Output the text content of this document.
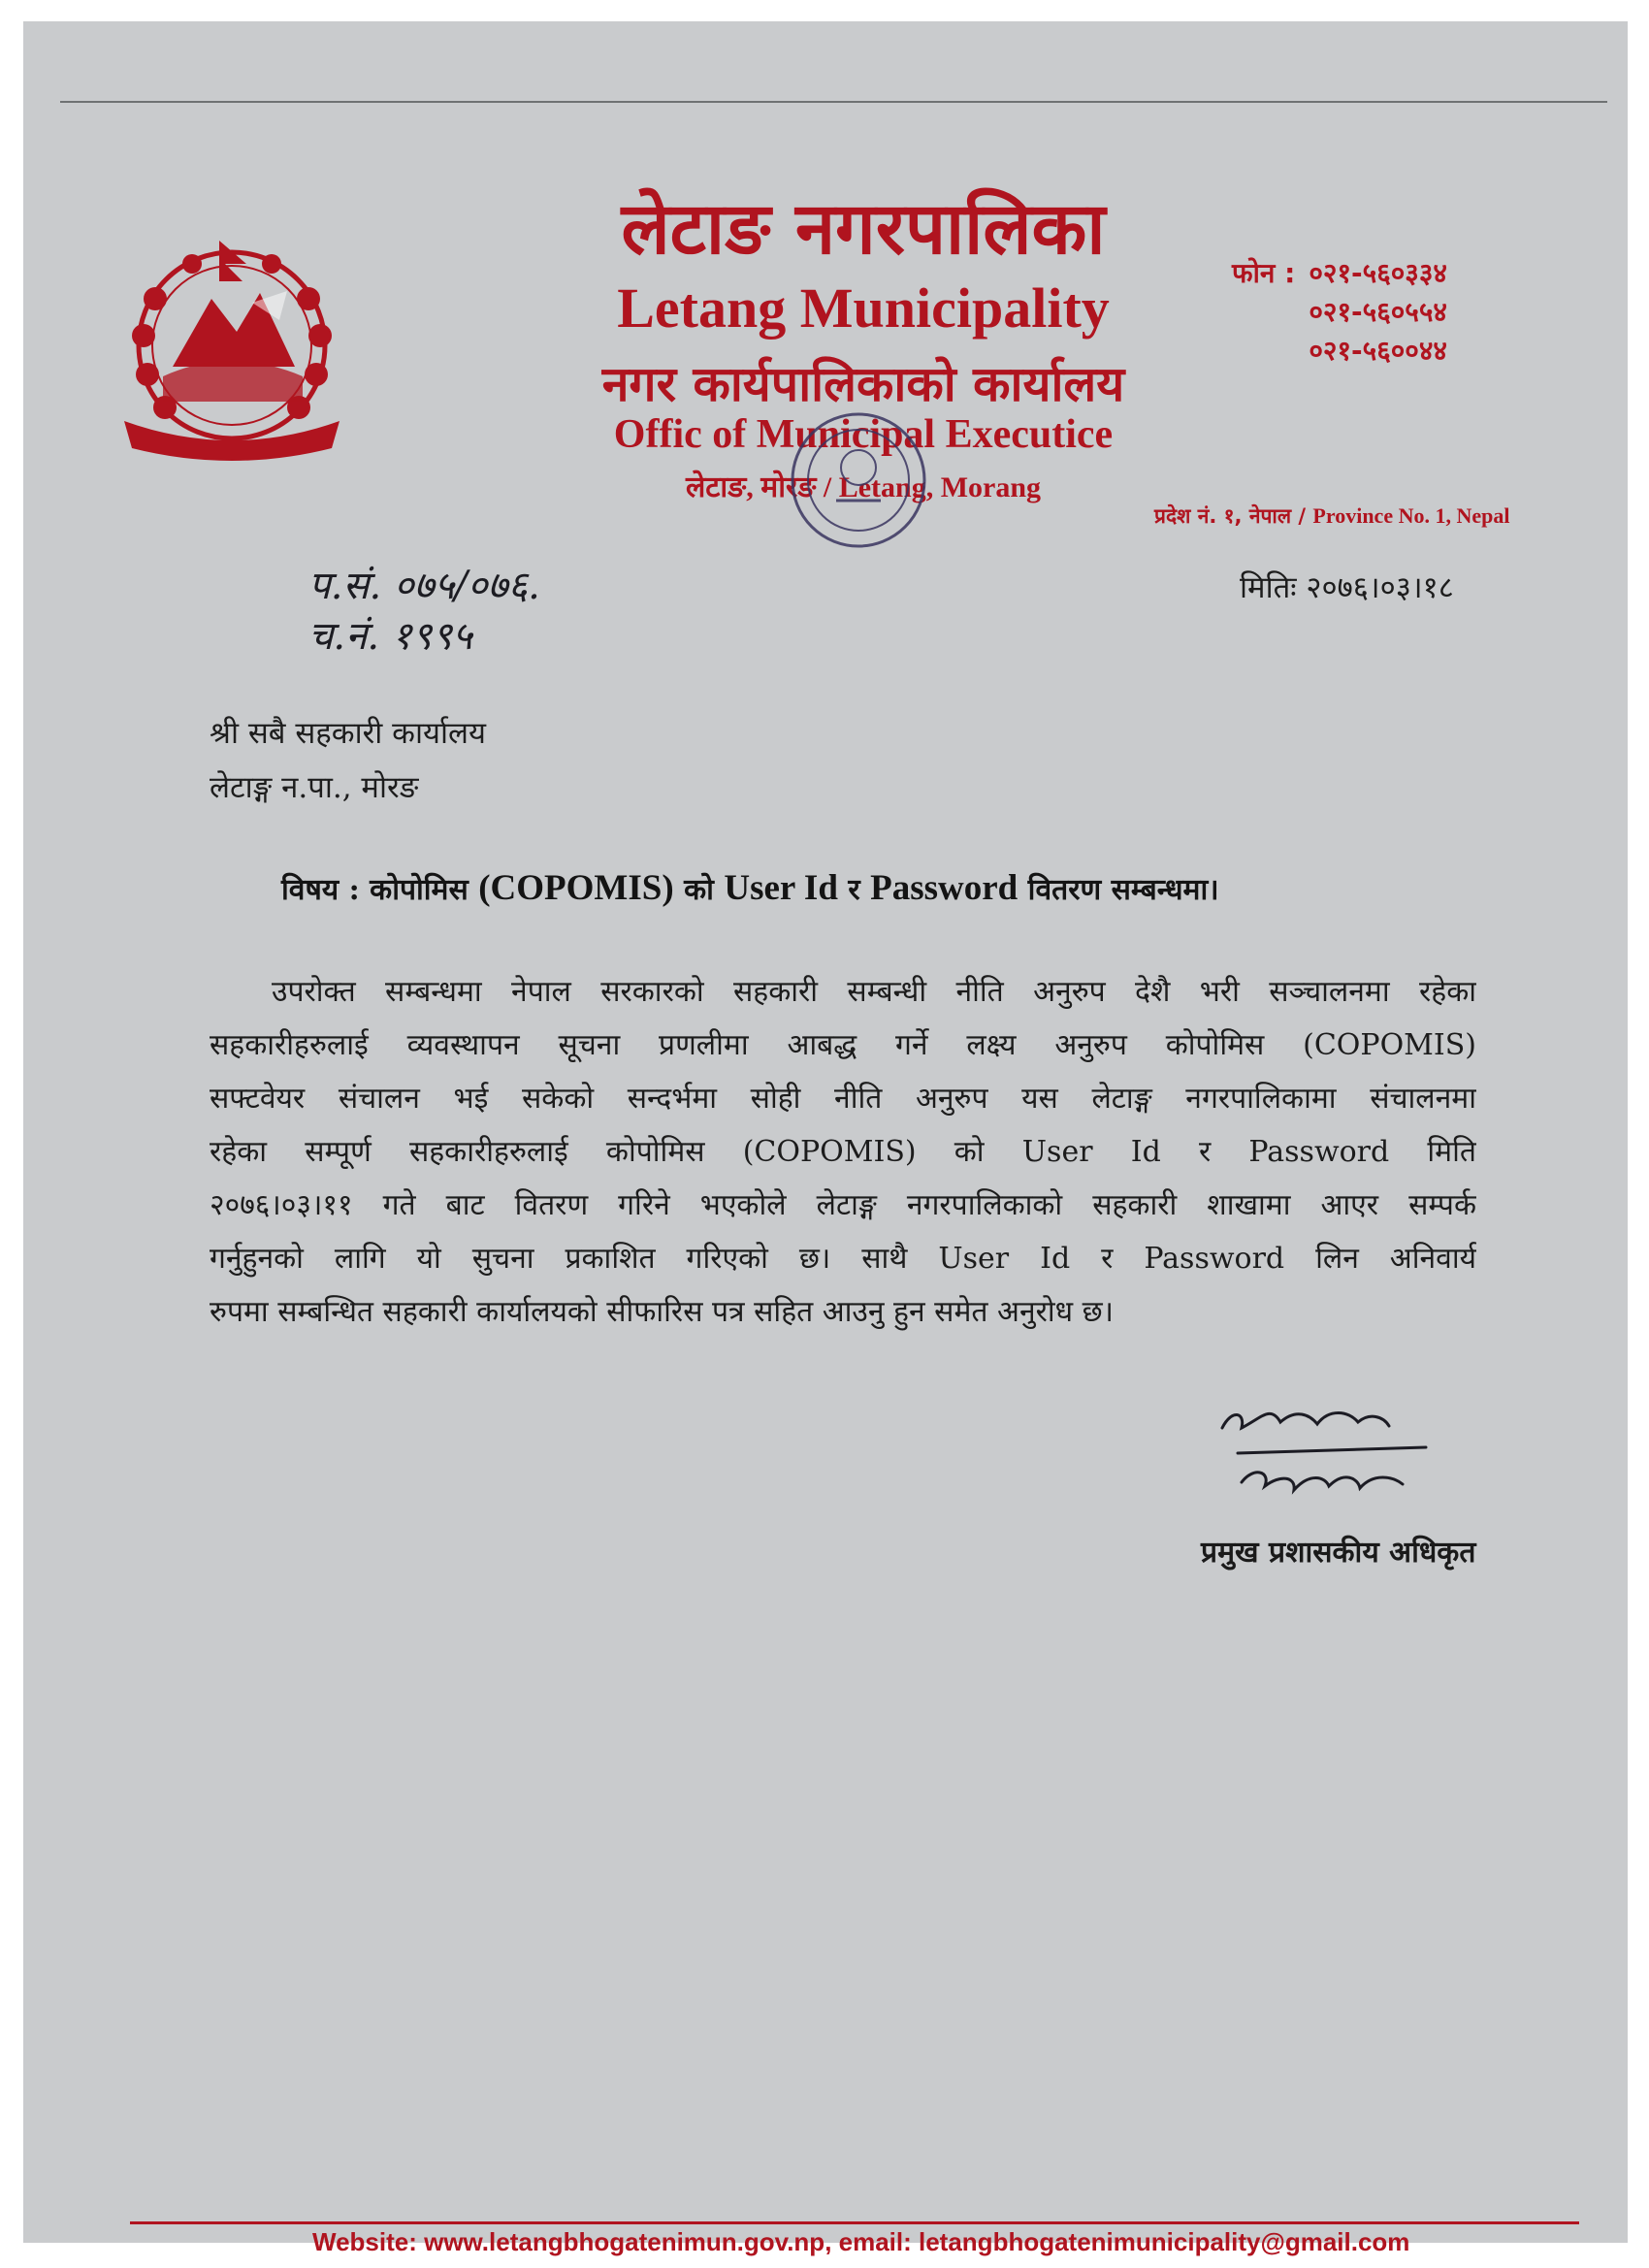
लेटाङ नगरपालिका
Letang Municipality
नगर कार्यपालिकाको कार्यालय
Offic of Municipal Executice
लेटाङ, मोरङ / Letang, Morang
फोन : ०२१-५६०३३४
०२१-५६०५५४
०२१-५६००४४
प्रदेश नं. १, नेपाल / Province No. 1, Nepal
प.सं. ०७५/०७६.
च.नं. १९९५
मितिः २०७६।०३।१८
श्री सबै सहकारी कार्यालय
लेटाङ्ग न.पा., मोरङ
विषय : कोपोमिस (COPOMIS) को User Id र Password वितरण सम्बन्धमा।
उपरोक्त सम्बन्धमा नेपाल सरकारको सहकारी सम्बन्धी नीति अनुरुप देशै भरी सञ्चालनमा रहेका
सहकारीहरुलाई व्यवस्थापन सूचना प्रणलीमा आबद्ध गर्ने लक्ष्य अनुरुप कोपोमिस (COPOMIS)
सफ्टवेयर संचालन भई सकेको सन्दर्भमा सोही नीति अनुरुप यस लेटाङ्ग नगरपालिकामा संचालनमा
रहेका सम्पूर्ण सहकारीहरुलाई कोपोमिस (COPOMIS) को User Id र Password मिति
२०७६।०३।११ गते बाट वितरण गरिने भएकोले लेटाङ्ग नगरपालिकाको सहकारी शाखामा आएर सम्पर्क
गर्नुहुनको लागि यो सुचना प्रकाशित गरिएको छ। साथै User Id र Password लिन अनिवार्य
रुपमा सम्बन्धित सहकारी कार्यालयको सीफारिस पत्र सहित आउनु हुन समेत अनुरोध छ।
प्रमुख प्रशासकीय अधिकृत
Website: www.letangbhogatenimun.gov.np, email: letangbhogatenimunicipality@gmail.com
